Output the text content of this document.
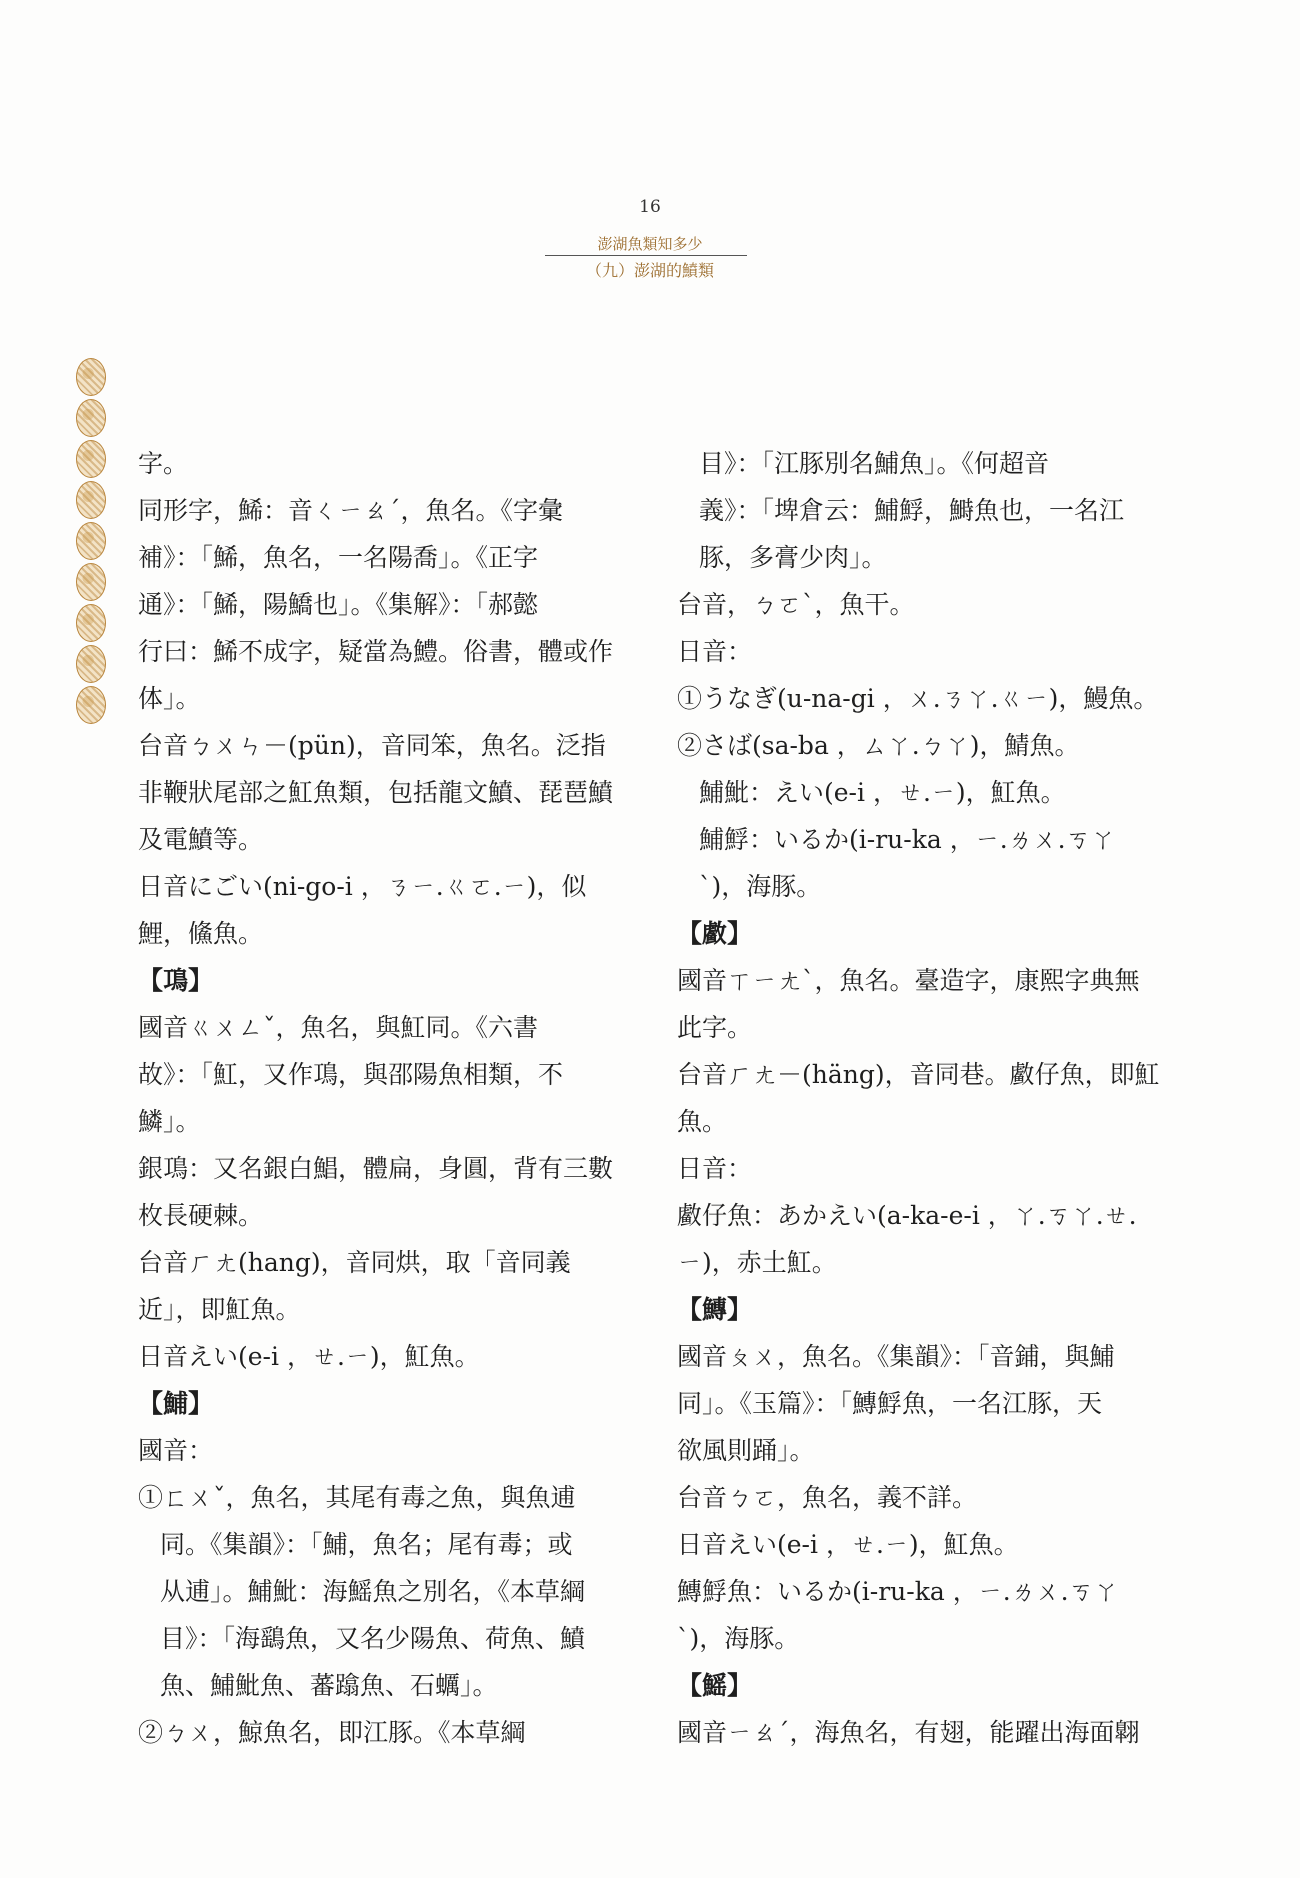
16
澎湖魚類知多少
（九）澎湖的鱝類
字。
同形字，鯑：音ㄑㄧㄠˊ，魚名。《字彙
補》：「鯑，魚名，一名陽喬」。《正字
通》：「鯑，陽鱎也」。《集解》：「郝懿
行曰：鯑不成字，疑當為鱧。俗書，體或作
体」。
台音ㄅㄨㄣ－(pün)，音同笨，魚名。泛指
非鞭狀尾部之魟魚類，包括龍文鱝、琵琶鱝
及電鱝等。
日音にごい(ni-go-i ，ㄋㄧ.ㄍㄛ.ㄧ)，似
鯉，鯈魚。
【䲨】
國音ㄍㄨㄥˇ，魚名，與魟同。《六書
故》：「魟，又作䲨，與邵陽魚相類，不
鱗」。
銀䲨：又名銀白鯧，體扁，身圓，背有三數
枚長硬棘。
台音ㄏㄤ(hang)，音同烘，取「音同義
近」，即魟魚。
日音えい(e-i ，ㄝ.ㄧ)，魟魚。
【鯆】
國音：
①ㄈㄨˇ，魚名，其尾有毒之魚，與魚逋
同。《集韻》：「鯆，魚名；尾有毒；或
从逋」。鯆魮：海鰩魚之別名，《本草綱
目》：「海鷂魚，又名少陽魚、荷魚、鱝
魚、鯆魮魚、蕃蹹魚、石蠣」。
②ㄅㄨ，鯨魚名，即江豚。《本草綱
目》：「江豚別名鯆魚」。《何超音
義》：「埤倉云：鯆䱐，鰣魚也，一名江
豚，多膏少肉」。
台音，ㄅㄛˋ，魚干。
日音：
①うなぎ(u-na-gi ，ㄨ.ㄋㄚ.ㄍㄧ)，鰻魚。
②さば(sa-ba ，ㄙㄚ.ㄅㄚ)，鯖魚。
鯆魮：えい(e-i ，ㄝ.ㄧ)，魟魚。
鯆䱐：いるか(i-ru-ka ，ㄧ.ㄌㄨ.ㄎㄚ
ˋ)，海豚。
【䲣】
國音ㄒㄧㄤˋ，魚名。臺造字，康熙字典無
此字。
台音ㄏㄤ－(häng)，音同巷。䲣仔魚，即魟
魚。
日音：
䲣仔魚：あかえい(a-ka-e-i ，ㄚ.ㄎㄚ.ㄝ.
ㄧ)，赤土魟。
【鱄】
國音ㄆㄨ，魚名。《集韻》：「音鋪，與鯆
同」。《玉篇》：「鱄䱐魚，一名江豚，天
欲風則踊」。
台音ㄅㄛ，魚名，義不詳。
日音えい(e-i ，ㄝ.ㄧ)，魟魚。
鱄䱐魚：いるか(i-ru-ka ，ㄧ.ㄌㄨ.ㄎㄚ
ˋ)，海豚。
【鰩】
國音ㄧㄠˊ，海魚名，有翅，能躍出海面翺
